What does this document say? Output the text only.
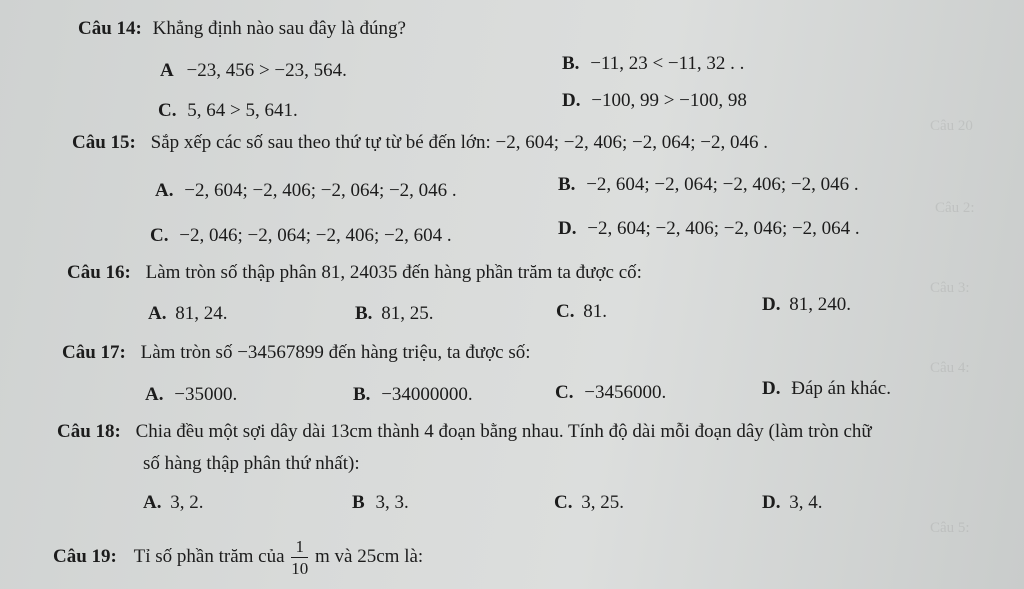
Câu 20
Câu 2:
Câu 3:
Câu 4:
Câu 5:
Câu 14: Khẳng định nào sau đây là đúng?
A −23, 456 > −23, 564.	B. −11, 23 < −11, 32 . .
C. 5, 64 > 5, 641.	D. −100, 99 > −100, 98
Câu 15: Sắp xếp các số sau theo thứ tự từ bé đến lớn: −2, 604; −2, 406; −2, 064; −2, 046 .
A. −2, 604; −2, 406; −2, 064; −2, 046 .	B. −2, 604; −2, 064; −2, 406; −2, 046 .
C. −2, 046; −2, 064; −2, 406; −2, 604 .	D. −2, 604; −2, 406; −2, 046; −2, 064 .
Câu 16: Làm tròn số thập phân 81, 24035 đến hàng phần trăm ta được cố:
A. 81, 24.	B. 81, 25.	C. 81.	D. 81, 240.
Câu 17: Làm tròn số −34567899 đến hàng triệu, ta được số:
A. −35000.	B. −34000000.	C. −3456000.	D. Đáp án khác.
Câu 18: Chia đều một sợi dây dài 13cm thành 4 đoạn bằng nhau. Tính độ dài mỗi đoạn dây (làm tròn chữ
số hàng thập phân thứ nhất):
A. 3, 2.	B 3, 3.	C. 3, 25.	D. 3, 4.
Câu 19: Tỉ số phần trăm của $\frac{1}{10}$ m và 25cm là:
